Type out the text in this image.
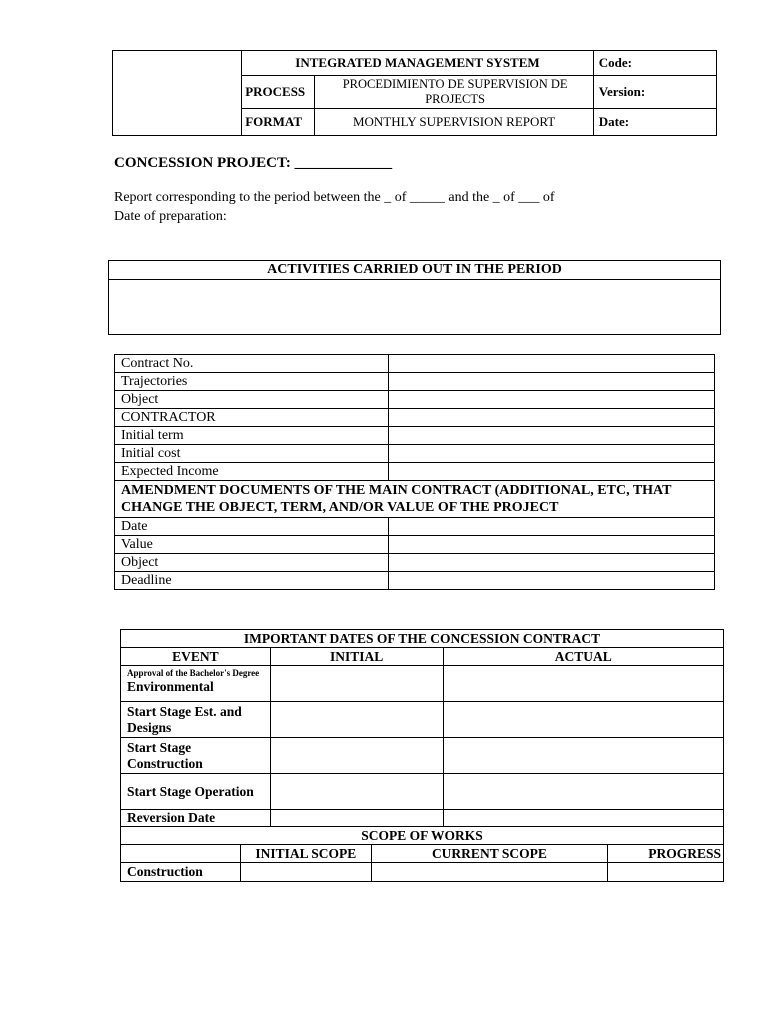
	INTEGRATED MANAGEMENT SYSTEM		Code:
	PROCESS	PROCEDIMIENTO DE SUPERVISION DE PROJECTS	Version:
	FORMAT	MONTHLY SUPERVISION REPORT	Date:
CONCESSION PROJECT: _____________
Report corresponding to the period between the _ of _____ and the _ of ___ of
Date of preparation:
ACTIVITIES CARRIED OUT IN THE PERIOD

Contract No.	
Trajectories	
Object	
CONTRACTOR	
Initial term	
Initial cost	
Expected Income	
AMENDMENT DOCUMENTS OF THE MAIN CONTRACT (ADDITIONAL, ETC, THAT CHANGE THE OBJECT, TERM, AND/OR VALUE OF THE PROJECT	
Date	
Value	
Object	
Deadline	
IMPORTANT DATES OF THE CONCESSION CONTRACT					
EVENT		INITIAL		ACTUAL	

Approval of the Bachelor's Degree
Environmental					
Start Stage Est. and Designs					
Start Stage Construction					
Start Stage Operation					
Reversion Date					
SCOPE OF WORKS					
	INITIAL SCOPE		CURRENT SCOPE		PROGRESS
Construction					
